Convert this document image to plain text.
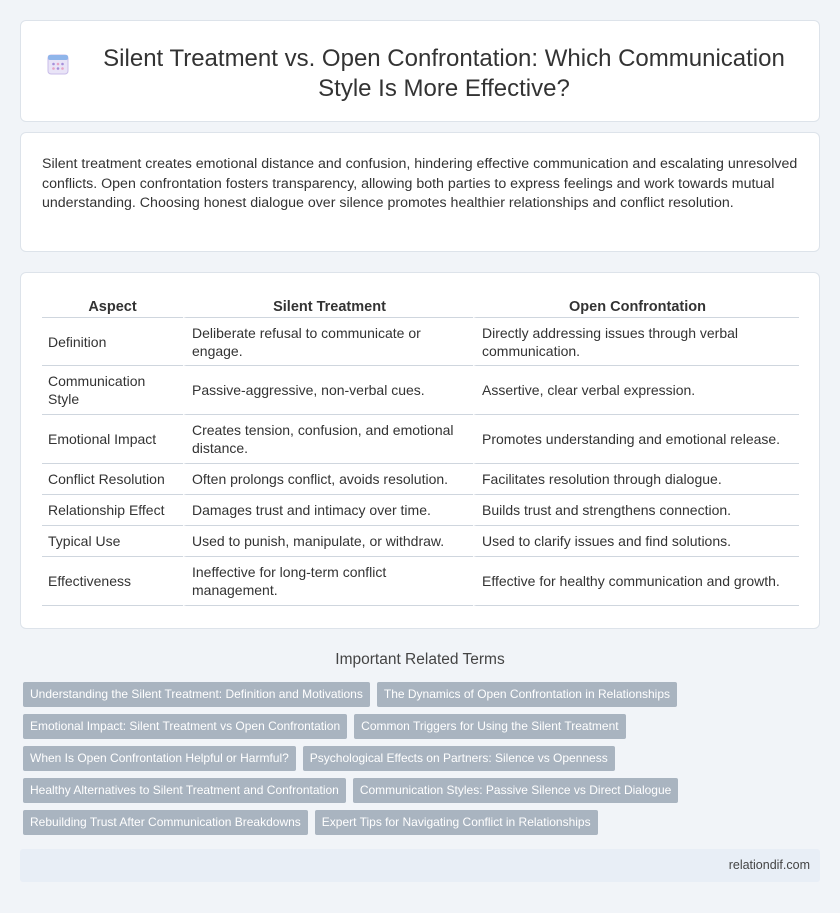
Silent Treatment vs. Open Confrontation: Which Communication Style Is More Effective?

Silent treatment creates emotional distance and confusion, hindering effective communication and escalating unresolved conflicts. Open confrontation fosters transparency, allowing both parties to express feelings and work towards mutual understanding. Choosing honest dialogue over silence promotes healthier relationships and conflict resolution.

Aspect	Silent Treatment	Open Confrontation
Definition	Deliberate refusal to communicate or engage.	Directly addressing issues through verbal communication.
Communication Style	Passive-aggressive, non-verbal cues.	Assertive, clear verbal expression.
Emotional Impact	Creates tension, confusion, and emotional distance.	Promotes understanding and emotional release.
Conflict Resolution	Often prolongs conflict, avoids resolution.	Facilitates resolution through dialogue.
Relationship Effect	Damages trust and intimacy over time.	Builds trust and strengthens connection.
Typical Use	Used to punish, manipulate, or withdraw.	Used to clarify issues and find solutions.
Effectiveness	Ineffective for long-term conflict management.	Effective for healthy communication and growth.
Important Related Terms
Understanding the Silent Treatment: Definition and Motivations	The Dynamics of Open Confrontation in Relationships
Emotional Impact: Silent Treatment vs Open Confrontation	Common Triggers for Using the Silent Treatment
When Is Open Confrontation Helpful or Harmful?	Psychological Effects on Partners: Silence vs Openness
Healthy Alternatives to Silent Treatment and Confrontation	Communication Styles: Passive Silence vs Direct Dialogue
Rebuilding Trust After Communication Breakdowns	Expert Tips for Navigating Conflict in Relationships
relationdif.com
